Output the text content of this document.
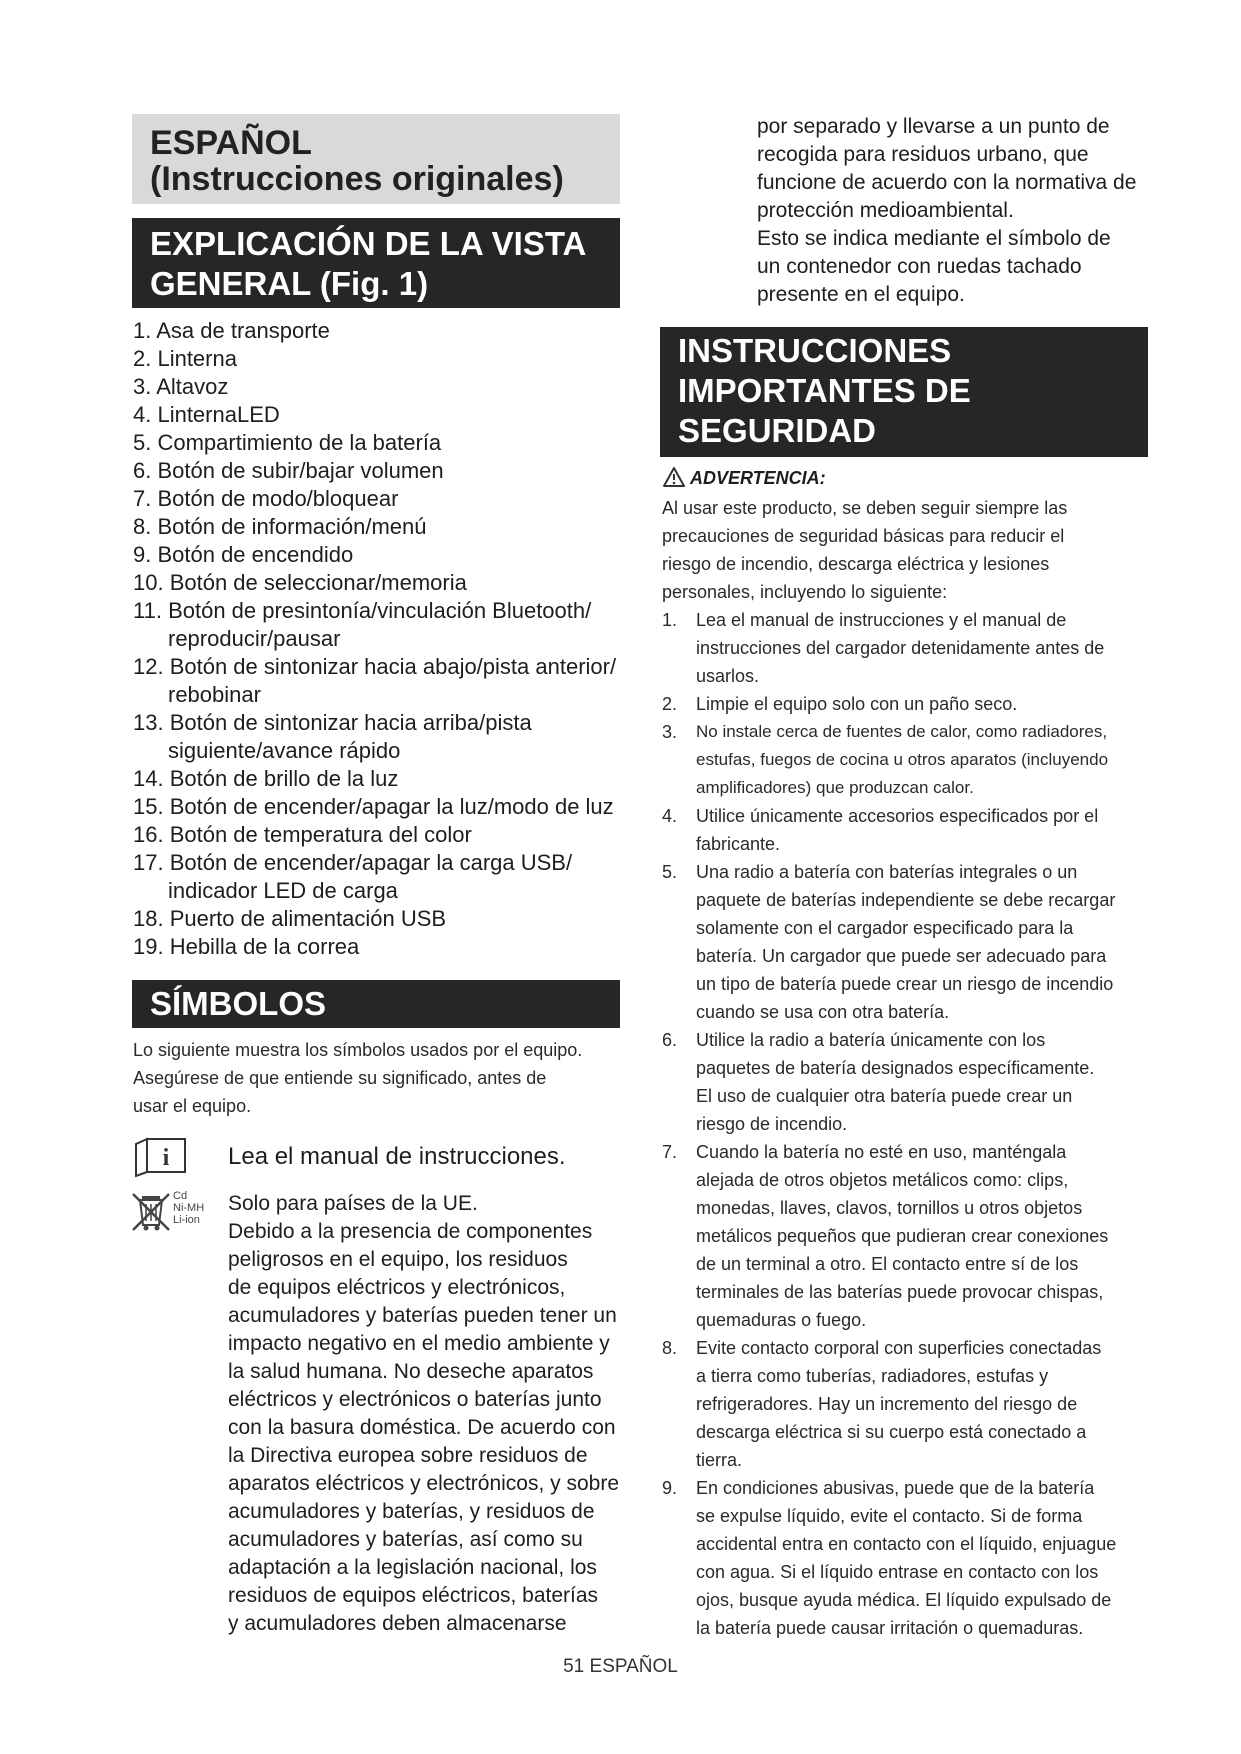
ESPAÑOL
(Instrucciones originales)
EXPLICACIÓN DE LA VISTA
GENERAL (Fig. 1)
1. Asa de transporte
2. Linterna
3. Altavoz
4. LinternaLED
5. Compartimiento de la batería
6. Botón de subir/bajar volumen
7. Botón de modo/bloquear
8. Botón de información/menú
9. Botón de encendido
10. Botón de seleccionar/memoria
11. Botón de presintonía/vinculación Bluetooth/
reproducir/pausar
12. Botón de sintonizar hacia abajo/pista anterior/
rebobinar
13. Botón de sintonizar hacia arriba/pista
siguiente/avance rápido
14. Botón de brillo de la luz
15. Botón de encender/apagar la luz/modo de luz
16. Botón de temperatura del color
17. Botón de encender/apagar la carga USB/
indicador LED de carga
18. Puerto de alimentación USB
19. Hebilla de la correa
SÍMBOLOS
Lo siguiente muestra los símbolos usados por el equipo.
Asegúrese de que entiende su significado, antes de
usar el equipo.
i Lea el manual de instrucciones.
Cd
Ni-MH
Li-ion
Solo para países de la UE.
Debido a la presencia de componentes
peligrosos en el equipo, los residuos
de equipos eléctricos y electrónicos,
acumuladores y baterías pueden tener un
impacto negativo en el medio ambiente y
la salud humana. No deseche aparatos
eléctricos y electrónicos o baterías junto
con la basura doméstica. De acuerdo con
la Directiva europea sobre residuos de
aparatos eléctricos y electrónicos, y sobre
acumuladores y baterías, y residuos de
acumuladores y baterías, así como su
adaptación a la legislación nacional, los
residuos de equipos eléctricos, baterías
y acumuladores deben almacenarse
por separado y llevarse a un punto de
recogida para residuos urbano, que
funcione de acuerdo con la normativa de
protección medioambiental.
Esto se indica mediante el símbolo de
un contenedor con ruedas tachado
presente en el equipo.
INSTRUCCIONES
IMPORTANTES DE
SEGURIDAD
ADVERTENCIA:
Al usar este producto, se deben seguir siempre las
precauciones de seguridad básicas para reducir el
riesgo de incendio, descarga eléctrica y lesiones
personales, incluyendo lo siguiente:
1. Lea el manual de instrucciones y el manual de
instrucciones del cargador detenidamente antes de
usarlos.
2. Limpie el equipo solo con un paño seco.
3. No instale cerca de fuentes de calor, como radiadores,
estufas, fuegos de cocina u otros aparatos (incluyendo
amplificadores) que produzcan calor.
4. Utilice únicamente accesorios especificados por el
fabricante.
5. Una radio a batería con baterías integrales o un
paquete de baterías independiente se debe recargar
solamente con el cargador especificado para la
batería. Un cargador que puede ser adecuado para
un tipo de batería puede crear un riesgo de incendio
cuando se usa con otra batería.
6. Utilice la radio a batería únicamente con los
paquetes de batería designados específicamente.
El uso de cualquier otra batería puede crear un
riesgo de incendio.
7. Cuando la batería no esté en uso, manténgala
alejada de otros objetos metálicos como: clips,
monedas, llaves, clavos, tornillos u otros objetos
metálicos pequeños que pudieran crear conexiones
de un terminal a otro. El contacto entre sí de los
terminales de las baterías puede provocar chispas,
quemaduras o fuego.
8. Evite contacto corporal con superficies conectadas
a tierra como tuberías, radiadores, estufas y
refrigeradores. Hay un incremento del riesgo de
descarga eléctrica si su cuerpo está conectado a
tierra.
9. En condiciones abusivas, puede que de la batería
se expulse líquido, evite el contacto. Si de forma
accidental entra en contacto con el líquido, enjuague
con agua. Si el líquido entrase en contacto con los
ojos, busque ayuda médica. El líquido expulsado de
la batería puede causar irritación o quemaduras.
51 ESPAÑOL
